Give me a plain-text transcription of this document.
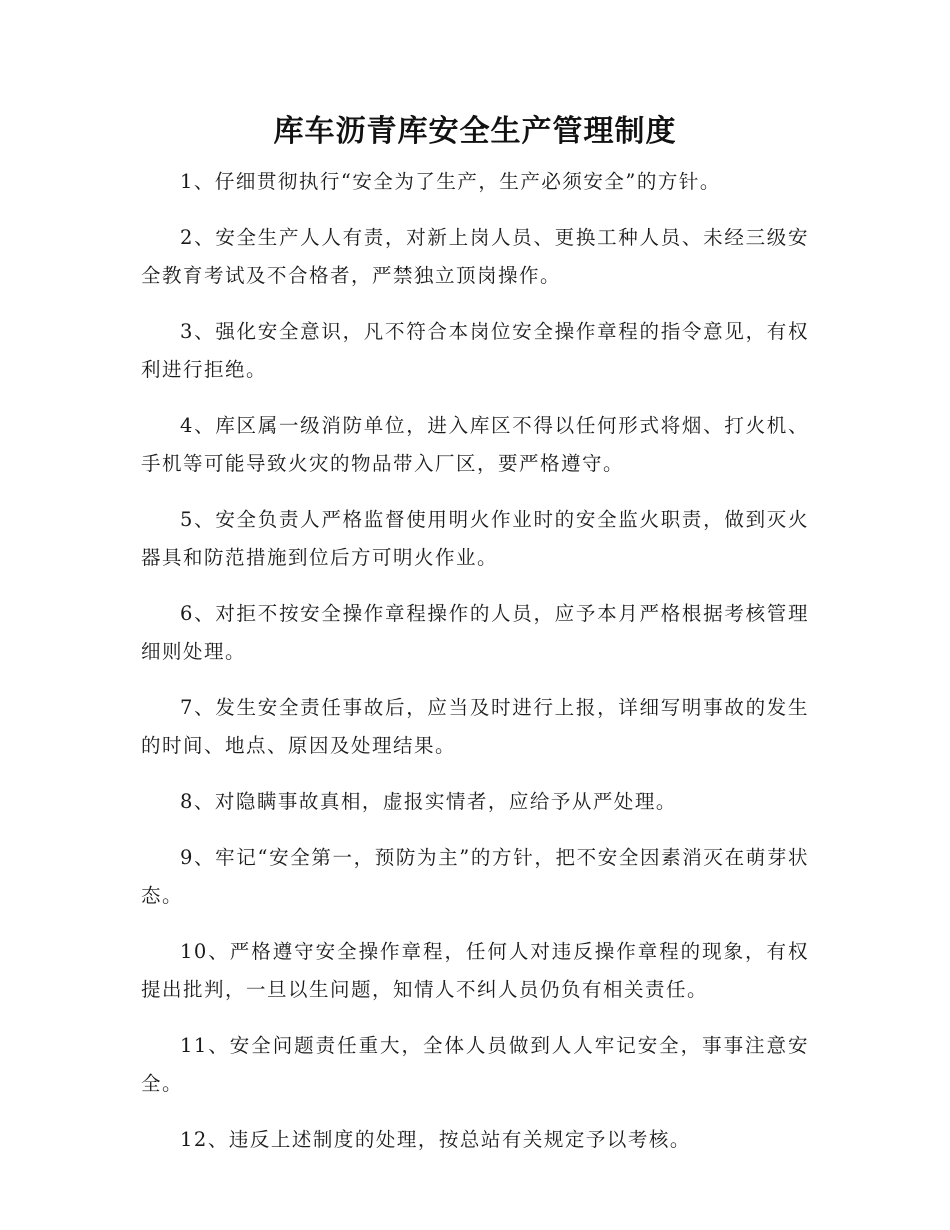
库车沥青库安全生产管理制度

1、仔细贯彻执行“安全为了生产，生产必须安全”的方针。

2、安全生产人人有责，对新上岗人员、更换工种人员、未经三级安全教育考试及不合格者，严禁独立顶岗操作。

3、强化安全意识，凡不符合本岗位安全操作章程的指令意见，有权利进行拒绝。

4、库区属一级消防单位，进入库区不得以任何形式将烟、打火机、手机等可能导致火灾的物品带入厂区，要严格遵守。

5、安全负责人严格监督使用明火作业时的安全监火职责，做到灭火器具和防范措施到位后方可明火作业。

6、对拒不按安全操作章程操作的人员，应予本月严格根据考核管理细则处理。

7、发生安全责任事故后，应当及时进行上报，详细写明事故的发生的时间、地点、原因及处理结果。

8、对隐瞒事故真相，虚报实情者，应给予从严处理。

9、牢记“安全第一，预防为主”的方针，把不安全因素消灭在萌芽状态。

10、严格遵守安全操作章程，任何人对违反操作章程的现象，有权提出批判，一旦以生问题，知情人不纠人员仍负有相关责任。

11、安全问题责任重大，全体人员做到人人牢记安全，事事注意安全。

12、违反上述制度的处理，按总站有关规定予以考核。
